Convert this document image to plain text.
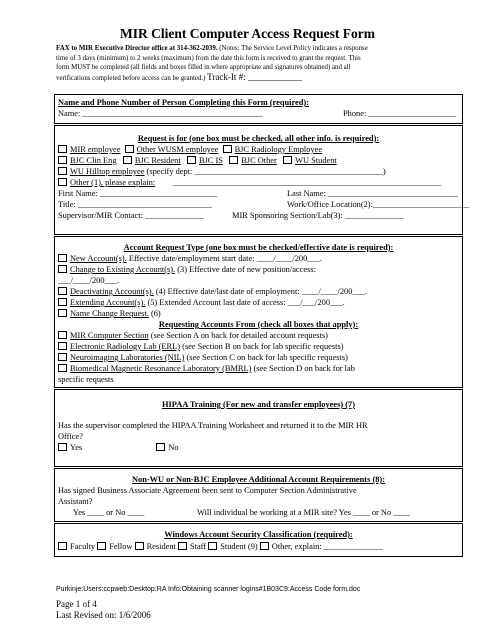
MIR Client Computer Access Request Form
FAX to MIR Executive Director office at 314-362-2039. (Notes: The Service Level Policy indicates a response
time of 3 days (minimum) to 2 weeks (maximum) from the date this form is received to grant the request. This
form MUST be completed (all fields and boxes filled in where appropriate and signatures obtained) and all
verifications completed before access can be granted.) Track-It #: ____________
Name and Phone Number of Person Completing this Form (required):
Name: ___________________________________________	Phone: _____________________
Request is for (one box must be checked, all other info. is required):
MIR employee Other WUSM employee BJC Radiology Employee
BJC Clin Eng BJC Resident BJC IS BJC Other WU Student
WU Hilltop employee (specify dept: _____________________________________________)
Other (1), please explain: ________________________________________________________________
First Name: ____________________________	Last Name: _______________________________
Title: ________________________________	Work/Office Location(2):_______________________
Supervisor/MIR Contact: ______________	MIR Sponsoring Section/Lab(3): ______________
Account Request Type (one box must be checked/effective date is required):
New Account(s). Effective date/employment start date: ____/____/200___.
Change to Existing Account(s). (3) Effective date of new position/access:
___/____/200___.
Deactivating Account(s). (4) Effective date/last date of employment: ____/____/200___.
Extending Account(s). (5) Extended Account last date of access: ___/___/200___.
Name Change Request. (6)
Requesting Accounts From (check all boxes that apply):
MIR Computer Section (see Section A on back for detailed account requests)
Electronic Radiology Lab (ERL) (see Section B on back for lab specific requests)
Neuroimaging Laboratories (NIL) (see Section C on back for lab specific requests)
Biomedical Magnetic Resonance Laboratory (BMRL) (see Section D on back for lab
specific requests
HIPAA Training (For new and transfer employees) (7)
Has the supervisor completed the HIPAA Training Worksheet and returned it to the MIR HR
Office?
Yes	No
Non-WU or Non-BJC Employee Additional Account Requirements (8):
Has signed Business Associate Agreement been sent to Computer Section Administrative
Assistant?
Yes ____ or No ____	Will individual be working at a MIR site? Yes ____ or No ____
Windows Account Security Classification (required):
Faculty Fellow Resident Staff Student (9) Other, explain: ______________
Purkinje:Users:ccpweb:Desktop:RA Info:Obtaining scanner logins#1B03C9:Access Code form.doc
Page 1 of 4
Last Revised on: 1/6/2006
